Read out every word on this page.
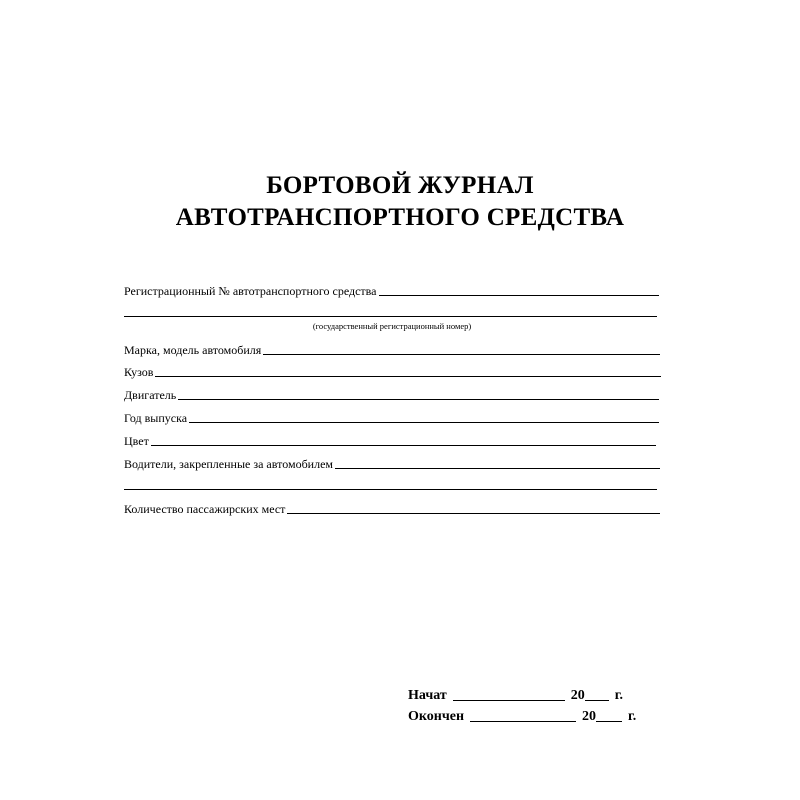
БОРТОВОЙ ЖУРНАЛ
АВТОТРАНСПОРТНОГО СРЕДСТВА
Регистрационный № автотранспортного средства
(государственный регистрационный номер)
Марка, модель автомобиля
Кузов
Двигатель
Год выпуска
Цвет
Водители, закрепленные за автомобилем
Количество пассажирских мест
Начат	20 г.
Окончен	20 г.
